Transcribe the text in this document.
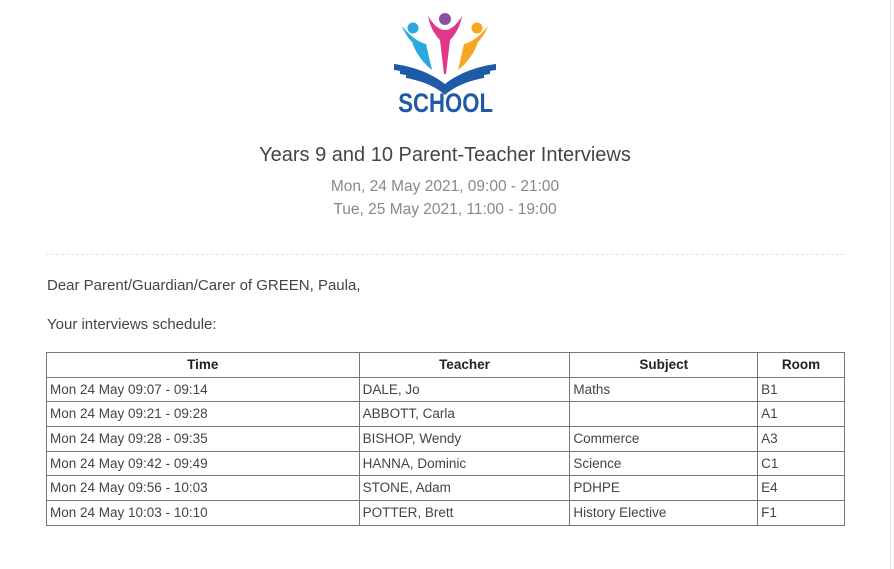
SCHOOL
Years 9 and 10 Parent-Teacher Interviews
Mon, 24 May 2021, 09:00 - 21:00
Tue, 25 May 2021, 11:00 - 19:00
Dear Parent/Guardian/Carer of GREEN, Paula,
Your interviews schedule:
Time	Teacher	Subject	Room
Mon 24 May 09:07 - 09:14	DALE, Jo	Maths	B1
Mon 24 May 09:21 - 09:28	ABBOTT, Carla		A1
Mon 24 May 09:28 - 09:35	BISHOP, Wendy	Commerce	A3
Mon 24 May 09:42 - 09:49	HANNA, Dominic	Science	C1
Mon 24 May 09:56 - 10:03	STONE, Adam	PDHPE	E4
Mon 24 May 10:03 - 10:10	POTTER, Brett	History Elective	F1
